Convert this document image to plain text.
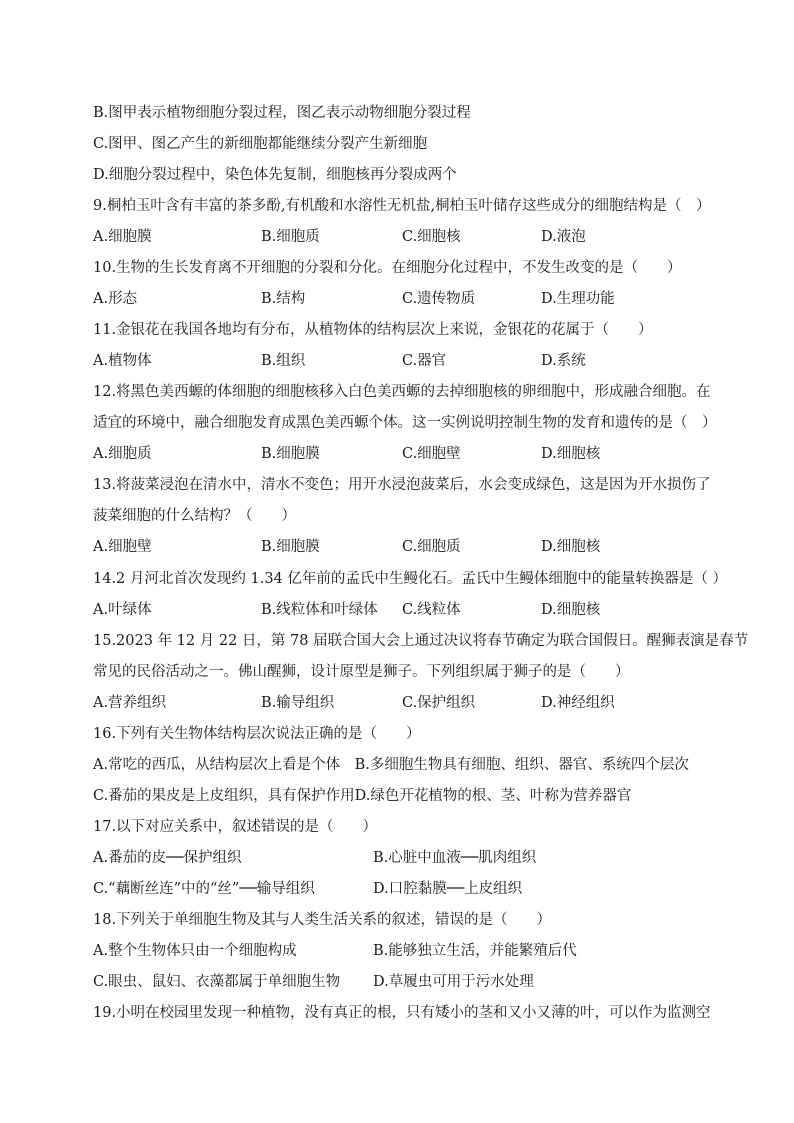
B.图甲表示植物细胞分裂过程，图乙表示动物细胞分裂过程
C.图甲、图乙产生的新细胞都能继续分裂产生新细胞
D.细胞分裂过程中，染色体先复制，细胞核再分裂成两个
9.桐柏玉叶含有丰富的茶多酚,有机酸和水溶性无机盐,桐柏玉叶储存这些成分的细胞结构是（　）
A.细胞膜	B.细胞质	C.细胞核	D.液泡
10.生物的生长发育离不开细胞的分裂和分化。在细胞分化过程中，不发生改变的是（　　）
A.形态	B.结构	C.遗传物质	D.生理功能
11.金银花在我国各地均有分布，从植物体的结构层次上来说，金银花的花属于（　　）
A.植物体	B.组织	C.器官	D.系统
12.将黑色美西螈的体细胞的细胞核移入白色美西螈的去掉细胞核的卵细胞中，形成融合细胞。在
适宜的环境中，融合细胞发育成黑色美西螈个体。这一实例说明控制生物的发育和遗传的是（　）
A.细胞质	B.细胞膜	C.细胞壁	D.细胞核
13.将菠菜浸泡在清水中，清水不变色；用开水浸泡菠菜后，水会变成绿色，这是因为开水损伤了
菠菜细胞的什么结构？（　　）
A.细胞壁	B.细胞膜	C.细胞质	D.细胞核
14.2 月河北首次发现约 1.34 亿年前的孟氏中生鳗化石。孟氏中生鳗体细胞中的能量转换器是（ ）
A.叶绿体	B.线粒体和叶绿体 C.线粒体	D.细胞核
15.2023 年 12 月 22 日，第 78 届联合国大会上通过决议将春节确定为联合国假日。醒狮表演是春节
常见的民俗活动之一。佛山醒狮，设计原型是狮子。下列组织属于狮子的是（　　）
A.营养组织	B.输导组织	C.保护组织	D.神经组织
16.下列有关生物体结构层次说法正确的是（　　）
A.常吃的西瓜，从结构层次上看是个体　B.多细胞生物具有细胞、组织、器官、系统四个层次
C.番茄的果皮是上皮组织，具有保护作用D.绿色开花植物的根、茎、叶称为营养器官
17.以下对应关系中，叙述错误的是（　　）
A.番茄的皮──保护组织	B.心脏中血液──肌肉组织
C.“藕断丝连”中的“丝”──输导组织	D.口腔黏膜──上皮组织
18.下列关于单细胞生物及其与人类生活关系的叙述，错误的是（　　）
A.整个生物体只由一个细胞构成	B.能够独立生活，并能繁殖后代
C.眼虫、鼠妇、衣藻都属于单细胞生物 D.草履虫可用于污水处理
19.小明在校园里发现一种植物，没有真正的根，只有矮小的茎和又小又薄的叶，可以作为监测空
